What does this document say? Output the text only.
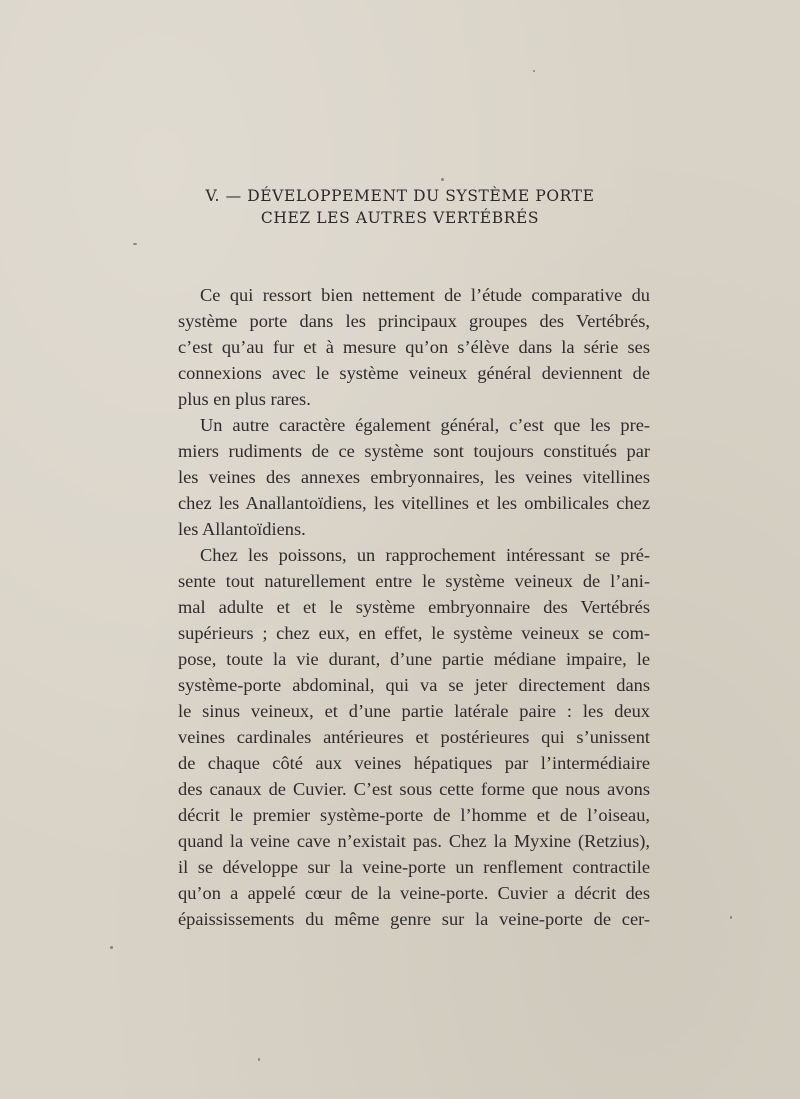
V. — DÉVELOPPEMENT DU SYSTÈME PORTE
CHEZ LES AUTRES VERTÉBRÉS
Ce qui ressort bien nettement de l’étude comparative du
système porte dans les principaux groupes des Vertébrés,
c’est qu’au fur et à mesure qu’on s’élève dans la série ses
connexions avec le système veineux général deviennent de
plus en plus rares.
Un autre caractère également général, c’est que les pre-
miers rudiments de ce système sont toujours constitués par
les veines des annexes embryonnaires, les veines vitellines
chez les Anallantoïdiens, les vitellines et les ombilicales chez
les Allantoïdiens.
Chez les poissons, un rapprochement intéressant se pré-
sente tout naturellement entre le système veineux de l’ani-
mal adulte et et le système embryonnaire des Vertébrés
supérieurs ; chez eux, en effet, le système veineux se com-
pose, toute la vie durant, d’une partie médiane impaire, le
système-porte abdominal, qui va se jeter directement dans
le sinus veineux, et d’une partie latérale paire : les deux
veines cardinales antérieures et postérieures qui s’unissent
de chaque côté aux veines hépatiques par l’intermédiaire
des canaux de Cuvier. C’est sous cette forme que nous avons
décrit le premier système-porte de l’homme et de l’oiseau,
quand la veine cave n’existait pas. Chez la Myxine (Retzius),
il se développe sur la veine-porte un renflement contractile
qu’on a appelé cœur de la veine-porte. Cuvier a décrit des
épaississements du même genre sur la veine-porte de cer-
